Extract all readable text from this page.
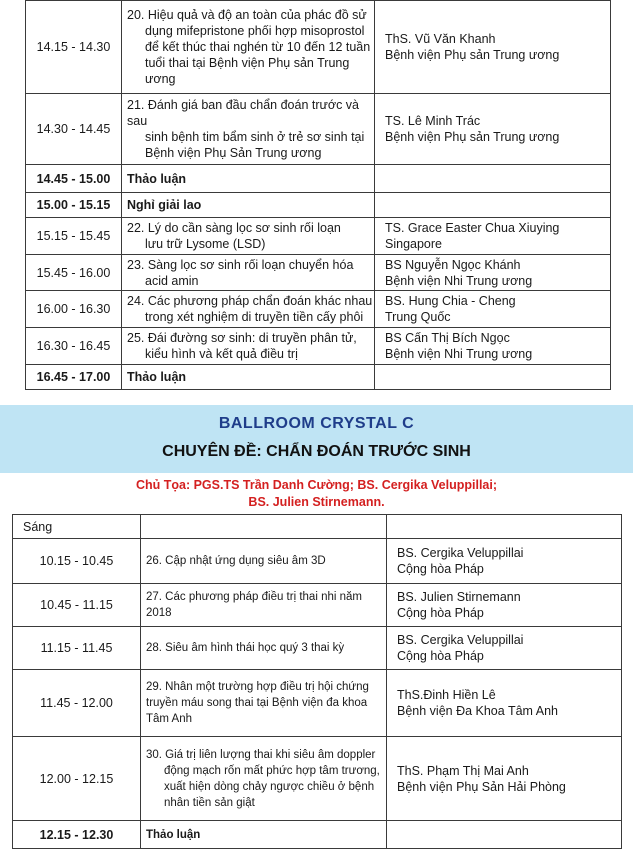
14.15 - 14.30	20. Hiệu quả và độ an toàn của phác đồ sử

dụng mifepristone phối hợp misoprostol
để kết thúc thai nghén từ 10 đến 12 tuần
tuổi thai tại Bệnh viện Phụ sản Trung ương	ThS. Vũ Văn Khanh
Bệnh viện Phụ sản Trung ương
14.30 - 14.45	21. Đánh giá ban đầu chẩn đoán trước và sau

sinh bệnh tim bẩm sinh ở trẻ sơ sinh tại
Bệnh viện Phụ Sản Trung ương	TS. Lê Minh Trác
Bệnh viện Phụ sản Trung ương
14.45 - 15.00	Thảo luận	
15.00 - 15.15	Nghỉ giải lao	
15.15 - 15.45	22. Lý do cần sàng lọc sơ sinh rối loạn

lưu trữ Lysome (LSD)	TS. Grace Easter Chua Xiuying
Singapore
15.45 - 16.00	23. Sàng lọc sơ sinh rối loạn chuyển hóa

acid amin	BS Nguyễn Ngọc Khánh
Bệnh viện Nhi Trung ương
16.00 - 16.30	24. Các phương pháp chẩn đoán khác nhau

trong xét nghiệm di truyền tiền cấy phôi	BS. Hung Chia - Cheng
Trung Quốc
16.30 - 16.45	25. Đái đường sơ sinh: di truyền phân tử,

kiểu hình và kết quả điều trị	BS Cấn Thị Bích Ngọc
Bệnh viện Nhi Trung ương
16.45 - 17.00	Thảo luận	
BALLROOM CRYSTAL C
CHUYÊN ĐỀ: CHẨN ĐOÁN TRƯỚC SINH
Chủ Tọa: PGS.TS Trần Danh Cường; BS. Cergika Veluppillai;
BS. Julien Stirnemann.
Sáng		
10.15 - 10.45	26. Cập nhật ứng dụng siêu âm 3D	BS. Cergika Veluppillai
Cộng hòa Pháp
10.45 - 11.15	27. Các phương pháp điều trị thai nhi năm 2018	BS. Julien Stirnemann
Cộng hòa Pháp
11.15 - 11.45	28. Siêu âm hình thái học quý 3 thai kỳ	BS. Cergika Veluppillai
Cộng hòa Pháp
11.45 - 12.00	29. Nhân một trường hợp điều trị hội chứng
truyền máu song thai tại Bệnh viện đa khoa
Tâm Anh	ThS.Đinh Hiền Lê
Bệnh viện Đa Khoa Tâm Anh
12.00 - 12.15	30. Giá trị liên lượng thai khi siêu âm doppler

động mạch rốn mất phức hợp tâm trương,
xuất hiện dòng chảy ngược chiều ở bệnh
nhân tiền sản giật	ThS. Phạm Thị Mai Anh
Bệnh viện Phụ Sản Hải Phòng
12.15 - 12.30	Thảo luận	
